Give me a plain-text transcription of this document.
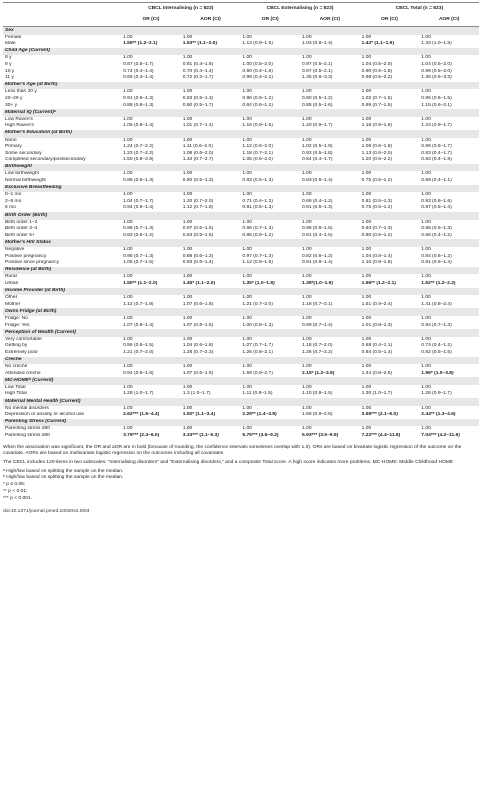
	CBCL Internalising (n = 823)		CBCL Externalising (n = 823)		CBCL Total (n = 823)	
	OR (CI)	AOR (CI)	OR (CI)	AOR (CI)	OR (CI)	AOR (CI)
Sex						
Female	1.00	1.00	1.00	1.00	1.00	1.00
Male	1.59** (1.2–2.1)	1.53** (1.1–2.0)	1.13 (0.9–1.5)	1.03 (0.8–1.4)	1.42* (1.1–1.9)	1.33 (1.0–1.8)
Child Age (Current)						
8 y	1.00	1.00	1.00	1.00	1.00	1.00
9 y	0.87 (0.5–1.7)	0.81 (0.4–1.6)	1.00 (0.5–2.0)	0.97 (0.5–2.1)	1.04 (0.5–2.0)	1.04 (0.5–2.0)
10 y	0.74 (0.4–1.4)	0.70 (0.4–1.4)	0.90 (0.4–1.8)	0.97 (0.5–2.1)	0.90 (0.5–1.8)	0.99 (0.5–2.0)
11 y	0.66 (0.3–1.4)	0.72 (0.3–1.7)	0.99 (0.4–2.2)	1.35 (0.6–3.3)	0.98 (0.5–2.2)	1.38 (0.6–3.3)
Mother's Age (at Birth)						
Less than 20 y	1.00	1.00	1.00	1.00	1.00	1.00
20–29 y	0.91 (0.6–1.3)	0.83 (0.5–1.3)	0.86 (0.6–1.2)	0.80 (0.5–1.2)	1.02 (0.7–1.5)	0.95 (0.6–1.5)
30+ y	0.88 (0.6–1.3)	0.90 (0.5–1.7)	0.84 (0.6–1.2)	0.85 (0.5–1.6)	0.99 (0.7–1.5)	1.15 (0.6–2.1)
Maternal IQ (Current)ᵃ						
Low Raven's	1.00	1.00	1.00	1.00	1.00	1.00
High Raven's	1.05 (0.8–1.4)	1.01 (0.7–1.4)	1.15 (0.9–1.5)	1.20 (0.9–1.7)	1.18 (0.9–1.6)	1.24 (0.9–1.7)
Mother's Education (at Birth)						
None	1.00	1.00	1.00	1.00	1.00	1.00
Primary	1.24 (0.7–2.2)	1.11 (0.6–2.0)	1.12 (0.6–2.0)	1.02 (0.5–1.9)	1.06 (0.6–1.9)	0.89 (0.5–1.7)
Some secondary	1.23 (0.7–2.2)	1.08 (0.6–2.0)	1.18 (0.7–2.1)	0.93 (0.5–1.8)	1.13 (0.6–2.0)	0.83 (0.4–1.7)
Completed secondary/postsecondary	1.50 (0.8–2.8)	1.34 (0.7–2.7)	1.05 (0.6–2.0)	0.84 (0.4–1.7)	1.20 (0.6–2.2)	0.83 (0.4–1.8)
Birthweight						
Low birthweight	1.00	1.00	1.00	1.00	1.00	1.00
Normal birthweight	0.86 (0.5–1.3)	0.80 (0.5–1.3)	0.83 (0.5–1.3)	0.83 (0.5–1.4)	0.75 (0.5–1.2)	0.69 (0.4–1.1)
Exclusive Breastfeeding						
0–1 mo	1.00	1.00	1.00	1.00	1.00	1.00
2–5 mo	1.04 (0.7–1.7)	1.20 (0.7–2.0)	0.71 (0.4–1.2)	0.69 (0.4–1.2)	0.81 (0.5–1.3)	0.93 (0.6–1.6)
6 mo	0.94 (0.6–1.4)	1.12 (0.7–1.8)	0.81 (0.5–1.3)	0.81 (0.5–1.3)	0.75 (0.5–1.2)	0.87 (0.5–1.4)
Birth Order (Birth)						
Birth order 1–2	1.00	1.00	1.00	1.00	1.00	1.00
Birth order 3–4	0.96 (0.7–1.3)	0.97 (0.6–1.5)	0.96 (0.7–1.3)	0.98 (0.6–1.5)	0.93 (0.7–1.3)	0.86 (0.6–1.3)
Birth order 5+	0.83 (0.6–1.2)	0.83 (0.5–1.5)	0.85 (0.6–1.2)	0.81 (0.4–1.5)	0.80 (0.6–1.2)	0.66 (0.4–1.2)
Mother's HIV Status						
Negative	1.00	1.00	1.00	1.00	1.00	1.00
Positive pregnancy	0.96 (0.7–1.3)	0.88 (0.6–1.3)	0.97 (0.7–1.3)	0.82 (0.6–1.2)	1.04 (0.8–1.4)	0.84 (0.6–1.2)
Positive since pregnancy	1.06 (0.7–1.5)	0.93 (0.6–1.4)	1.12 (0.8–1.6)	0.91 (0.6–1.4)	1.10 (0.8–1.6)	0.91 (0.6–1.4)
Residence (at Birth)						
Rural	1.00	1.00	1.00	1.00	1.00	1.00
Urban	1.50** (1.1–2.0)	1.45* (1.1–2.0)	1.35* (1.0–1.8)	1.39*(1.0–1.9)	1.56** (1.2–2.1)	1.62** (1.2–2.2)
Income Provider (at Birth)						
Other	1.00	1.00	1.00	1.00	1.00	1.00
Mother	1.12 (0.7–1.8)	1.07 (0.6–1.8)	1.21 (0.7–2.0)	1.18 (0.7–2.1)	1.51 (0.9–2.4)	1.41 (0.8–2.4)
Owns Fridge (at Birth)						
Fridge: No	1.00	1.00	1.00	1.00	1.00	1.00
Fridge: Yes	1.07 (0.8–1.4)	1.07 (0.8–1.5)	1.00 (0.8–1.3)	0.99 (0.7–1.4)	1.01 (0.8–1.3)	0.94 (0.7–1.3)
Perception of Wealth (Current)						
Very comfortable	1.00	1.00	1.00	1.00	1.00	1.00
Getting by	0.96 (0.6–1.5)	1.04 (0.6–1.8)	1.07 (0.7–1.7)	1.18 (0.7–2.0)	0.68 (0.4–1.1)	0.74 (0.4–1.2)
Extremely poor	1.21 (0.7–2.0)	1.28 (0.7–2.3)	1.26 (0.8–2.1)	1.26 (0.7–2.2)	0.84 (0.5–1.4)	0.82 (0.5–1.5)
Crèche						
No crèche	1.00	1.00	1.00	1.00	1.00	1.00
Attended crèche	0.94 (0.6–1.6)	1.07 (0.6–1.9)	1.59 (0.9–2.7)	2.15* (1.2–3.9)	1.44 (0.8–2.5)	1.96* (1.0–3.8)
MC-HOMEᵇ (Current)						
Low Total	1.00	1.00	1.00	1.00	1.00	1.00
High Total	1.28 (1.0–1.7)	1.3 (1.0–1.7)	1.11 (0.8–1.5)	1.10 (0.8–1.5)	1.30 (1.0–1.7)	1.26 (0.9–1.7)
Maternal Mental Health (Current)						
No mental disorders	1.00	1.00	1.00	1.00	1.00	1.00
Depression or anxiety or alcohol use	2.62*** (1.6–4.4)	1.92* (1.1–3.4)	2.29** (1.4–3.8)	1.58 (0.9–2.8)	3.55*** (2.1–6.0)	2.44** (1.3–4.6)
Parenting Stress (Current)						
Parenting stress ≤90	1.00	1.00	1.00	1.00	1.00	1.00
Parenting stress ≥90	3.79*** (2.4–6.0)	3.33*** (2.1–5.3)	5.75*** (3.6–9.2)	5.93*** (3.5–9.9)	7.22*** (4.4–11.8)	7.04*** (4.2–11.9)

When the association was significant, the OR and aOR are in bold (because of rounding, the confidence intervals sometimes overlap with 1.0). ORs are based on bivariate logistic regression of the outcome on the covariate. AORs are based on multivariate logistic regression on the outcomes including all covariates

The CBCL includes 120-items in two subscales: “Internalising disorders” and “Externalising disorders,” and a composite Total score. A high score indicates more problems. MC-HOME: Middle Childhood HOME

ᵃ High/low based on splitting the sample on the median.

ᵇ High/low based on splitting the sample on the median.

* p ≤ 0.05;

** p < 0.01;

*** p < 0.001.

doi:10.1371/journal.pmed.1002044.t004
